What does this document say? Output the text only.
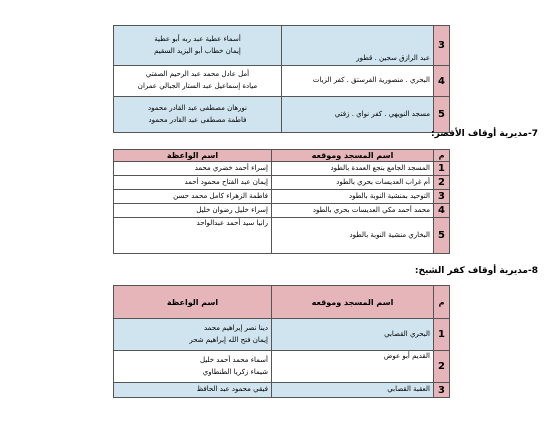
3	عبد الرازق سجين . قطور	أسماء عطية عبد ربه أبو عطية
إيمان خطاب أبو اليزيد السقيم

4	البحري . منصورية الفرستق . كفر الزيات	أمل عادل محمد عبد الرحيم الصفتي
ميادة إسماعيل عبد الستار الجبالي عمران

5	مسجد النويهي . كفر نواي . زفتي	نورهان مصطفى عبد القادر محمود
فاطمة مصطفى عبد القادر محمود
7-مديرية أوقاف الأقصر:
م	اسم المسجد وموقعه	اسم الواعظة
1	المسجد الجامع بنجع العمدة بالطود	إسراء أحمد خضري محمد
2	أم غراب العديسات بحري بالطود	إيمان عبد الفتاح محمود أحمد
3	التوحيد بمنشية النوبة بالطود	فاطمة الزهراء كامل محمد حسن
4	محمد أحمد مكي العديسات بحري بالطود	إسراء خليل رضوان خليل
5	البخاري منشية النوبة بالطود	رانيا سيد أحمد عبدالواحد
8-مديرية أوقاف كفر الشيخ:
م	اسم المسجد وموقعه	اسم الواعظة
1	البحري القصابي	دينا نصر إبراهيم محمد
إيمان فتح الله إبراهيم شحر

2	القديم أبو عوض	أسماء محمد أحمد خليل
شيماء زكريا الطنطاوي

3	العقبة القصابي	فيقي محمود عبد الحافظ
